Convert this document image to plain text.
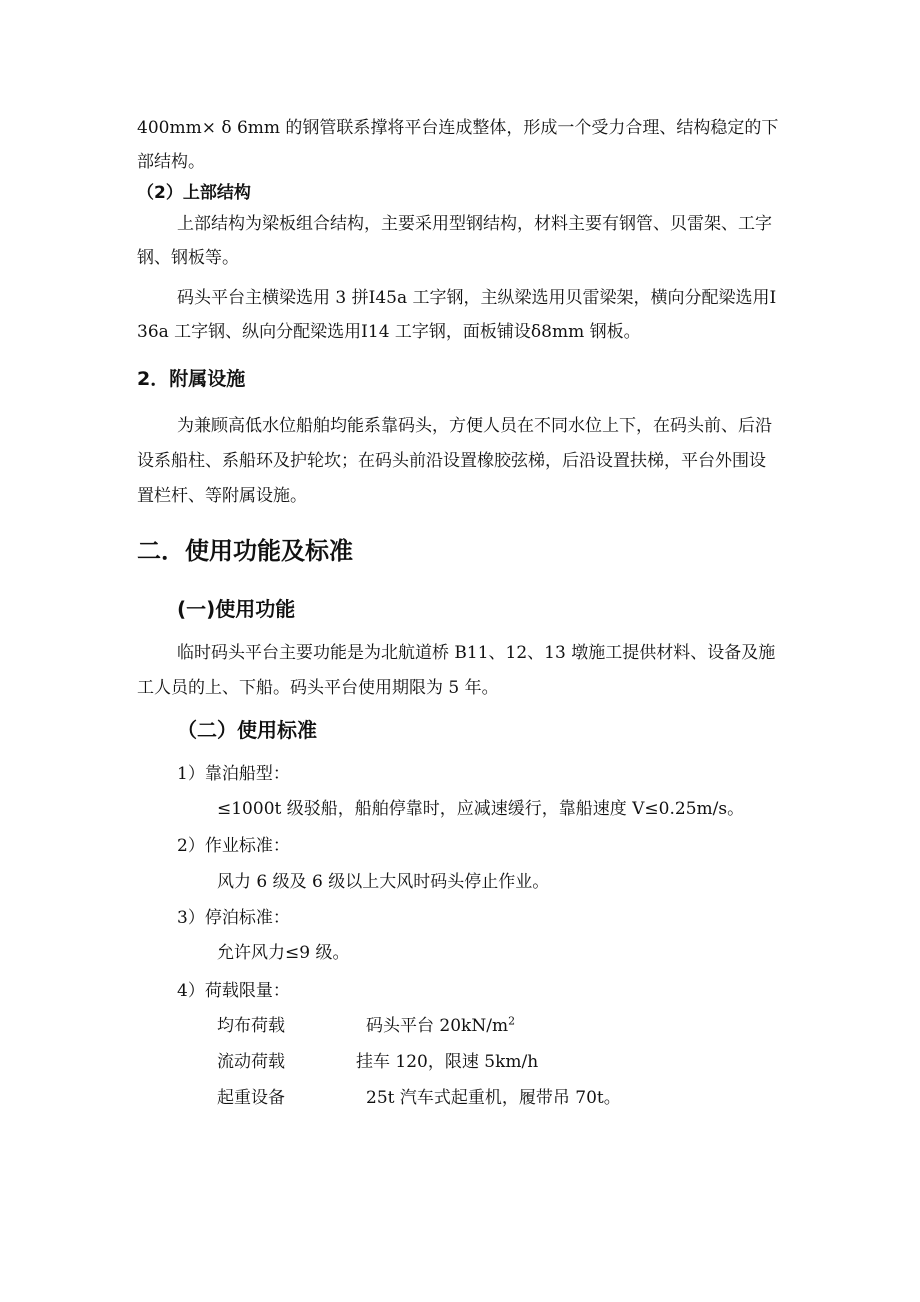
400mm× δ 6mm 的钢管联系撑将平台连成整体，形成一个受力合理、结构稳定的下
部结构。
（2）上部结构
上部结构为梁板组合结构，主要采用型钢结构，材料主要有钢管、贝雷架、工字
钢、钢板等。
码头平台主横梁选用 3 拼Ⅰ45a 工字钢，主纵梁选用贝雷梁架，横向分配梁选用Ⅰ
36a 工字钢、纵向分配梁选用Ⅰ14 工字钢，面板铺设δ8mm 钢板。
2．附属设施
为兼顾高低水位船舶均能系靠码头，方便人员在不同水位上下，在码头前、后沿
设系船柱、系船环及护轮坎；在码头前沿设置橡胶弦梯，后沿设置扶梯，平台外围设
置栏杆、等附属设施。
二．使用功能及标准
(一)使用功能
临时码头平台主要功能是为北航道桥 B11、12、13 墩施工提供材料、设备及施
工人员的上、下船。码头平台使用期限为 5 年。
（二）使用标准
1）靠泊船型：
≤1000t 级驳船，船舶停靠时，应减速缓行，靠船速度 V≤0.25m/s。
2）作业标准：
风力 6 级及 6 级以上大风时码头停止作业。
3）停泊标准：
允许风力≤9 级。
4）荷载限量：
均布荷载	码头平台 $20kN/m^2$
流动荷载	挂车 120，限速 5km/h
起重设备	25t 汽车式起重机，履带吊 70t。
